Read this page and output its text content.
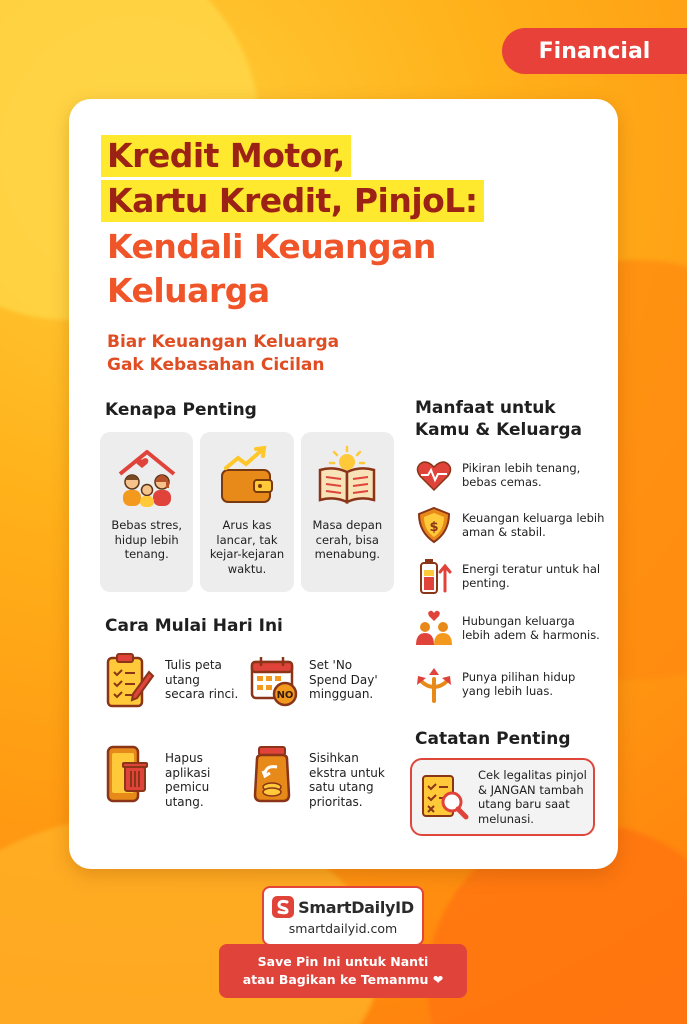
Financial
Kredit Motor,
Kartu Kredit, PinjoL:
Kendali Keuangan
Keluarga
Biar Keuangan Keluarga
Gak Kebasahan Cicilan
Kenapa Penting
Bebas stres, hidup lebih tenang.
Arus kas lancar, tak kejar-kejaran waktu.
Masa depan cerah, bisa menabung.
Cara Mulai Hari Ini
Tulis peta utang secara rinci.	NO
Set 'No Spend Day' mingguan.
Hapus aplikasi pemicu utang.
Sisihkan ekstra untuk satu utang prioritas.
Manfaat untuk
Kamu & Keluarga
Pikiran lebih tenang, bebas cemas.
$
Keuangan keluarga lebih aman & stabil.
Energi teratur untuk hal penting.
Hubungan keluarga lebih adem & harmonis.
Punya pilihan hidup yang lebih luas.
Catatan Penting
Cek legalitas pinjol & JANGAN tambah utang baru saat melunasi.
SmartDailyID
smartdailyid.com
Save Pin Ini untuk Nanti
atau Bagikan ke Temanmu ❤
